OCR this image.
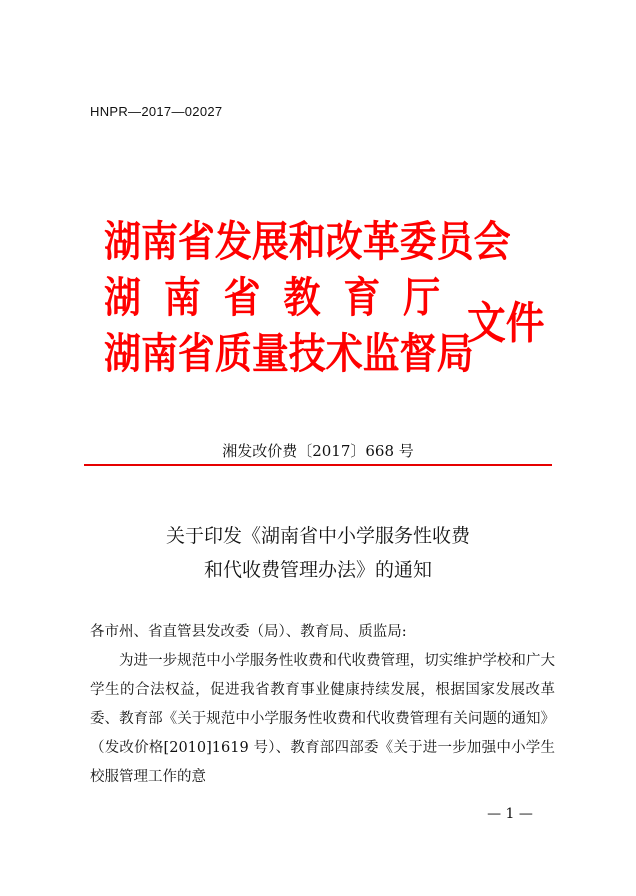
HNPR—2017—02027
湖南省发展和改革委员会
湖南省教育厅
湖南省质量技术监督局
文件
湘发改价费〔2017〕668 号
关于印发《湖南省中小学服务性收费
和代收费管理办法》的通知

各市州、省直管县发改委（局）、教育局、质监局:

为进一步规范中小学服务性收费和代收费管理，切实维护学校和广大学生的合法权益，促进我省教育事业健康持续发展，根据国家发展改革委、教育部《关于规范中小学服务性收费和代收费管理有关问题的通知》（发改价格[2010]1619 号）、教育部四部委《关于进一步加强中小学生校服管理工作的意

— 1 —
